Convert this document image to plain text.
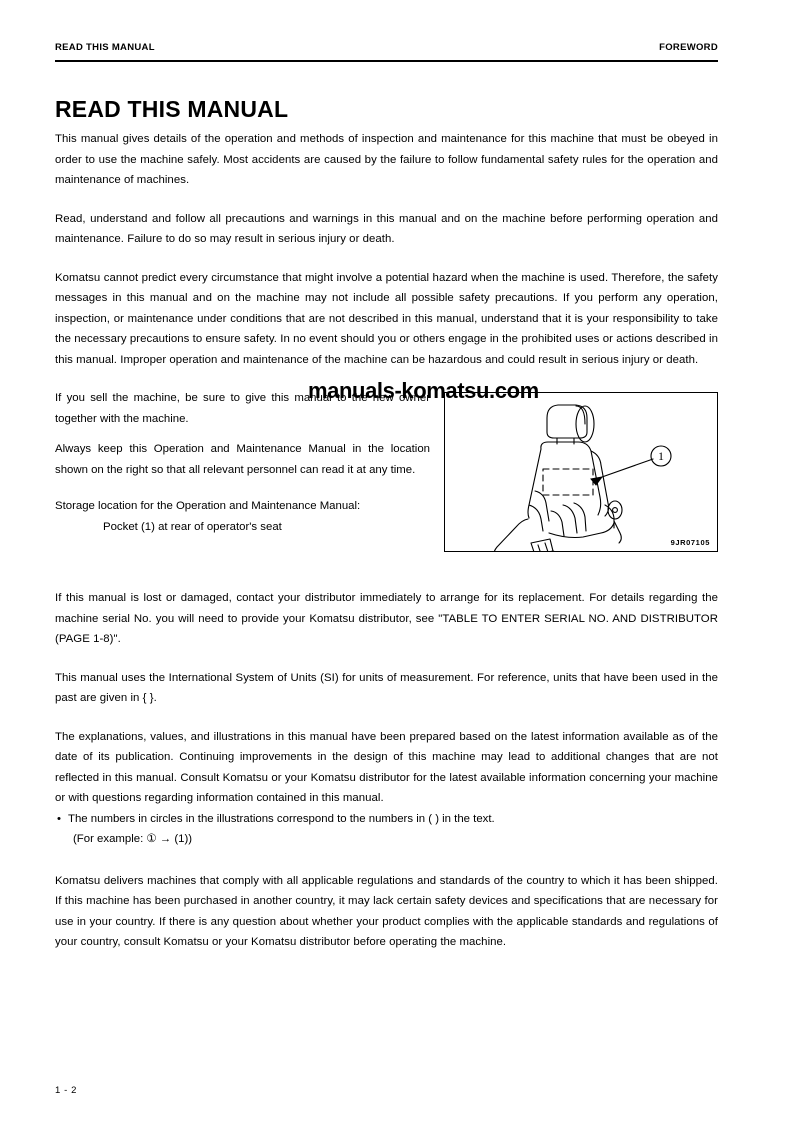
READ THIS MANUAL	FOREWORD
READ THIS MANUAL

This manual gives details of the operation and methods of inspection and maintenance for this machine that must be obeyed in order to use the machine safely. Most accidents are caused by the failure to follow fundamental safety rules for the operation and maintenance of machines.

Read, understand and follow all precautions and warnings in this manual and on the machine before performing operation and maintenance. Failure to do so may result in serious injury or death.

Komatsu cannot predict every circumstance that might involve a potential hazard when the machine is used. Therefore, the safety messages in this manual and on the machine may not include all possible safety precautions. If you perform any operation, inspection, or maintenance under conditions that are not described in this manual, understand that it is your responsibility to take the necessary precautions to ensure safety. In no event should you or others engage in the prohibited uses or actions described in this manual. Improper operation and maintenance of the machine can be hazardous and could result in serious injury or death.

1
9JR07105

If you sell the machine, be sure to give this manual to the new owner together with the machine.

Always keep this Operation and Maintenance Manual in the location shown on the right so that all relevant personnel can read it at any time.

Storage location for the Operation and Maintenance Manual:
Pocket (1) at rear of operator's seat

If this manual is lost or damaged, contact your distributor immediately to arrange for its replacement. For details regarding the machine serial No. you will need to provide your Komatsu distributor, see "TABLE TO ENTER SERIAL NO. AND DISTRIBUTOR (PAGE 1-8)".

This manual uses the International System of Units (SI) for units of measurement. For reference, units that have been used in the past are given in { }.

The explanations, values, and illustrations in this manual have been prepared based on the latest information available as of the date of its publication. Continuing improvements in the design of this machine may lead to additional changes that are not reflected in this manual. Consult Komatsu or your Komatsu distributor for the latest available information concerning your machine or with questions regarding information contained in this manual.

• The numbers in circles in the illustrations correspond to the numbers in ( ) in the text.
(For example: ① → (1))

Komatsu delivers machines that comply with all applicable regulations and standards of the country to which it has been shipped. If this machine has been purchased in another country, it may lack certain safety devices and specifications that are necessary for use in your country. If there is any question about whether your product complies with the applicable standards and regulations of your country, consult Komatsu or your Komatsu distributor before operating the machine.

manuals-komatsu.com
1 - 2
